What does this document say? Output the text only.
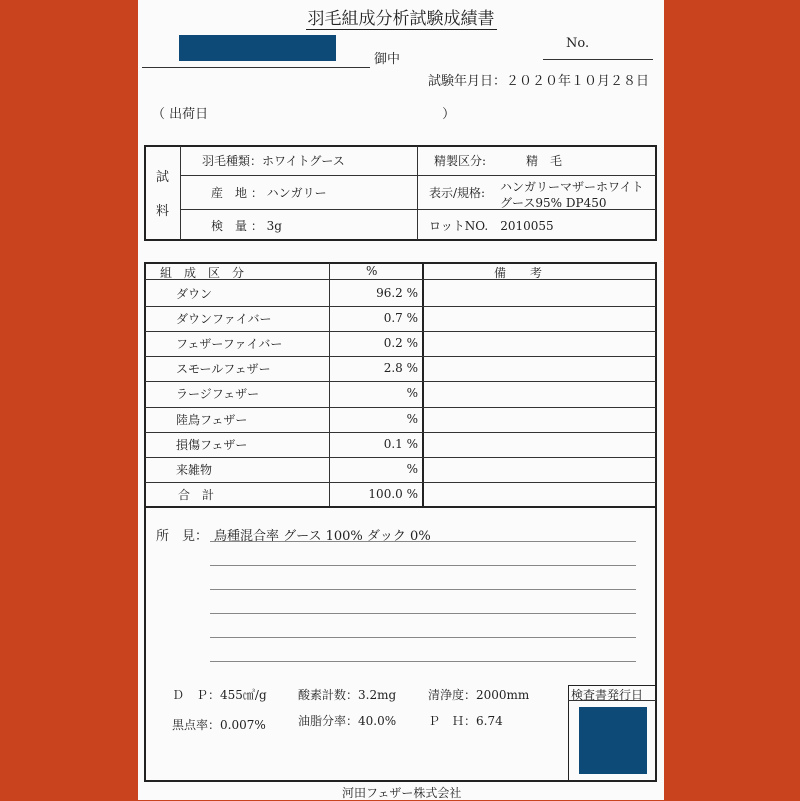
羽毛組成分析試験成績書
御中
No.
試験年月日：２０２０年１０月２８日
（ 出荷日　　　　　　　　　　　　　　　　　　）
試
料
羽毛種類：ホワイトグース	精製区分:	精　毛
産　地 ： ハンガリー	表示/規格: ハンガリーマザーホワイト
グース95% DP450
検　量 ： 3g	ロットNO.　2010055
組　成　区　分	%	備　　考
ダウン	96.2 %
ダウンファイバー	0.7 %
フェザーファイバー	0.2 %
スモールフェザー	2.8 %
ラージフェザー	%
陸鳥フェザー	%
損傷フェザー	0.1 %
来雑物	%
合　計	100.0 %
所　見： 鳥種混合率 グース 100% ダック 0%
Ｄ　Ｐ：455㎤/g	酸素計数：3.2mg	清浄度：2000mm
黒点率：0.007%	油脂分率：40.0%	Ｐ　Ｈ：6.74
検査書発行日
河田フェザー株式会社
